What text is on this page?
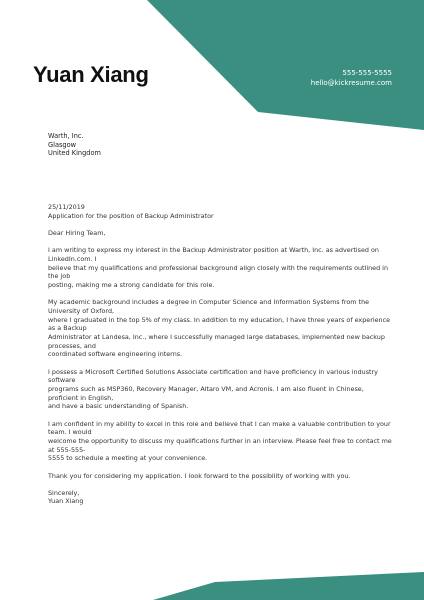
Yuan Xiang	555-555-5555
hello@kickresume.com
Warth, Inc.
Glasgow
United Kingdom

25/11/2019

Application for the position of Backup Administrator

Dear Hiring Team,

I am writing to express my interest in the Backup Administrator position at Warth, Inc. as advertised on LinkedIn.com. I
believe that my qualifications and professional background align closely with the requirements outlined in the job
posting, making me a strong candidate for this role.

My academic background includes a degree in Computer Science and Information Systems from the University of Oxford,
where I graduated in the top 5% of my class. In addition to my education, I have three years of experience as a Backup
Administrator at Landesa, Inc., where I successfully managed large databases, implemented new backup processes, and
coordinated software engineering interns.

I possess a Microsoft Certified Solutions Associate certification and have proficiency in various industry software
programs such as MSP360, Recovery Manager, Altaro VM, and Acronis. I am also fluent in Chinese, proficient in English,
and have a basic understanding of Spanish.

I am confident in my ability to excel in this role and believe that I can make a valuable contribution to your team. I would
welcome the opportunity to discuss my qualifications further in an interview. Please feel free to contact me at 555-555-
5555 to schedule a meeting at your convenience.

Thank you for considering my application. I look forward to the possibility of working with you.

Sincerely,

Yuan Xiang
